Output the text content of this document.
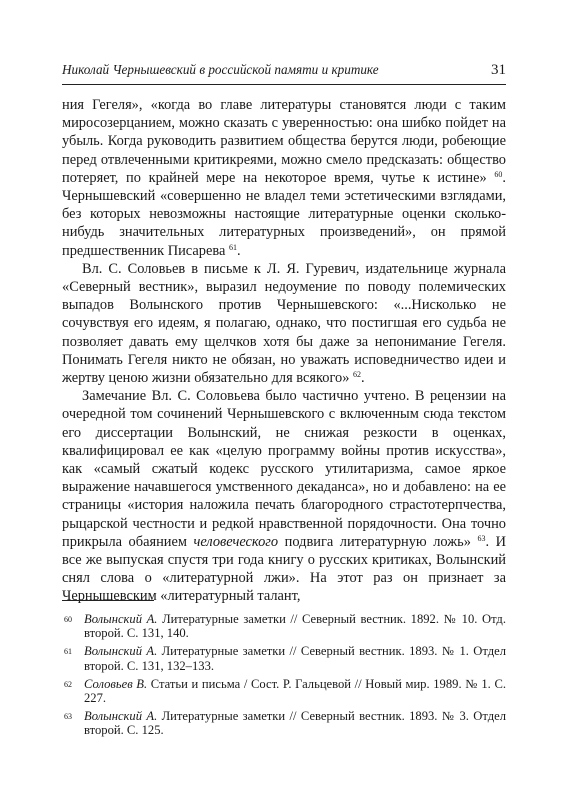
Николай Чернышевский в российской памяти и критике	31

ния Гегеля», «когда во главе литературы становятся люди с таким миросозерцанием, можно сказать с уверенностью: она шибко пойдет на убыль. Когда руководить развитием общества берутся люди, робеющие перед отвлеченными критикреями, можно смело предсказать: общество потеряет, по крайней мере на некоторое время, чутье к истине» $^{60}$. Чернышевский «совершенно не владел теми эстетическими взглядами, без которых невозможны настоящие литературные оценки сколько-нибудь значительных литературных произведений», он прямой предшественник Писарева $^{61}$.

Вл. С. Соловьев в письме к Л. Я. Гуревич, издательнице журнала «Северный вестник», выразил недоумение по поводу полемических выпадов Волынского против Чернышевского: «...Нисколько не сочувствуя его идеям, я полагаю, однако, что постигшая его судьба не позволяет давать ему щелчков хотя бы даже за непонимание Гегеля. Понимать Гегеля никто не обязан, но уважать исповедничество идеи и жертву ценою жизни обязательно для всякого» $^{62}$.

Замечание Вл. С. Соловьева было частично учтено. В рецензии на очередной том сочинений Чернышевского с включенным сюда текстом его диссертации Волынский, не снижая резкости в оценках, квалифицировал ее как «целую программу войны против искусства», как «самый сжатый кодекс русского утилитаризма, самое яркое выражение начавшегося умственного декаданса», но и добавлено: на ее страницы «история наложила печать благородного страстотерпчества, рыцарской честности и редкой нравственной порядочности. Она точно прикрыла обаянием человеческого подвига литературную ложь» $^{63}$. И все же выпуская спустя три года книгу о русских критиках, Волынский снял слова о «литературной лжи». На этот раз он признает за Чернышевским «литературный талант,

60 Волынский А. Литературные заметки // Северный вестник. 1892. № 10. Отд. второй. С. 131, 140.
61 Волынский А. Литературные заметки // Северный вестник. 1893. № 1. Отдел второй. С. 131, 132–133.
62 Соловьев В. Статьи и письма / Сост. Р. Гальцевой // Новый мир. 1989. № 1. С. 227.
63 Волынский А. Литературные заметки // Северный вестник. 1893. № 3. Отдел второй. С. 125.
